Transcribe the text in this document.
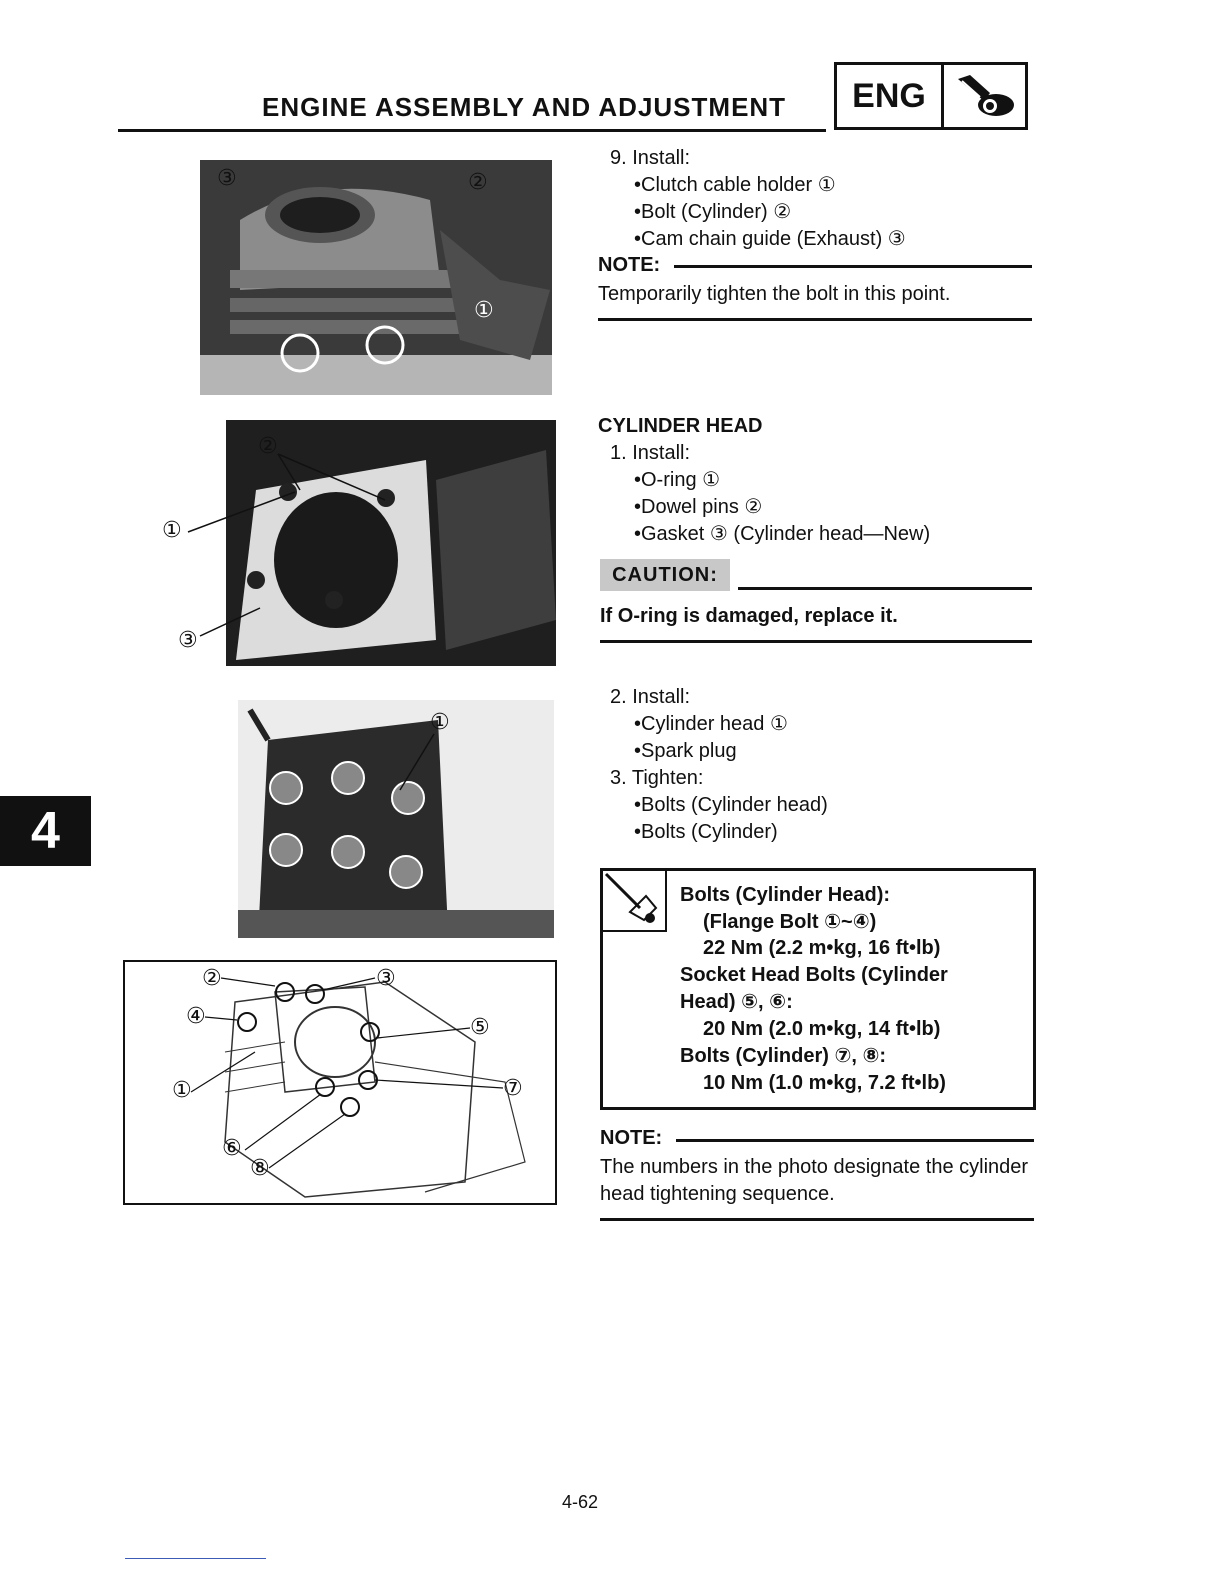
ENGINE ASSEMBLY AND ADJUSTMENT	ENG
4
③	②
①
②
①
③
①
②	③
④	⑤
①	⑦
⑥
⑧
9. Install:
•Clutch cable holder ①
•Bolt (Cylinder) ②
•Cam chain guide (Exhaust) ③
NOTE:
Temporarily tighten the bolt in this point.
CYLINDER HEAD
1. Install:
•O-ring ①
•Dowel pins ②
•Gasket ③ (Cylinder head—New)
CAUTION:
If O-ring is damaged, replace it.
2. Install:
•Cylinder head ①
•Spark plug
3. Tighten:
•Bolts (Cylinder head)
•Bolts (Cylinder)
Bolts (Cylinder Head):
(Flange Bolt ①~④)
22 Nm (2.2 m•kg, 16 ft•lb)
Socket Head Bolts (Cylinder
Head) ⑤, ⑥:
20 Nm (2.0 m•kg, 14 ft•lb)
Bolts (Cylinder) ⑦, ⑧:
10 Nm (1.0 m•kg, 7.2 ft•lb)
NOTE:
The numbers in the photo designate the cylinder
head tightening sequence.
4-62
